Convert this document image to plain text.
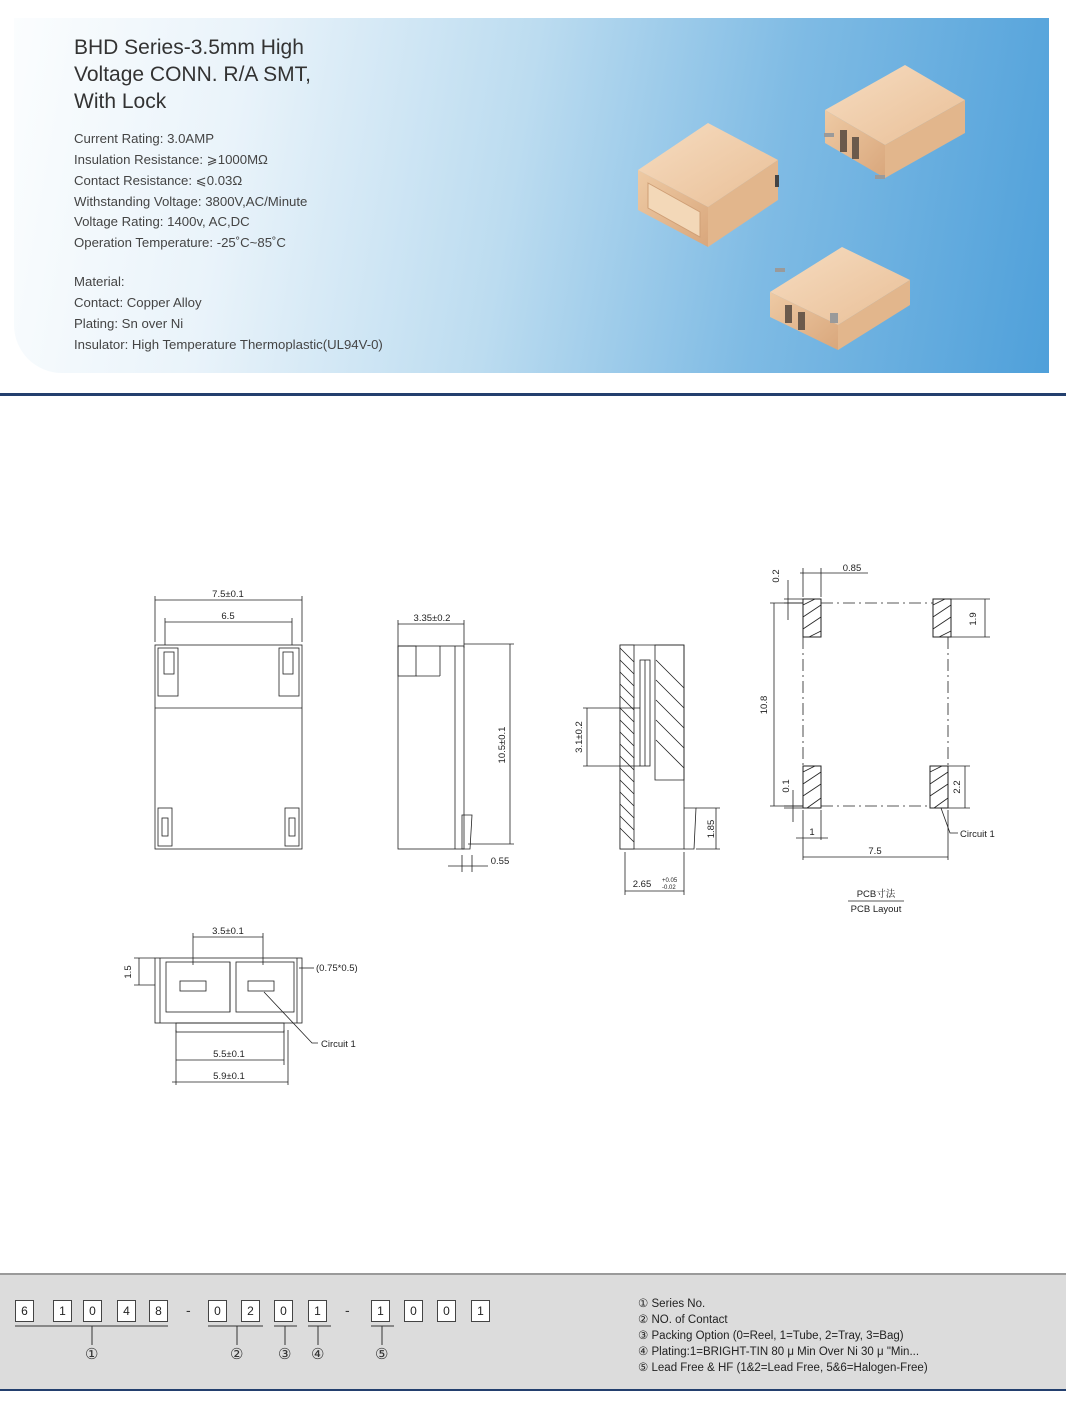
BHD Series-3.5mm High
Voltage CONN. R/A SMT,
With Lock
Current Rating: 3.0AMP
Insulation Resistance: ⩾1000MΩ
Contact Resistance: ⩽0.03Ω
Withstanding Voltage: 3800V,AC/Minute
Voltage Rating: 1400v, AC,DC
Operation Temperature: -25˚C~85˚C
Material:
Contact: Copper Alloy
Plating: Sn over Ni
Insulator: High Temperature Thermoplastic(UL94V-0)
7.5±0.1
6.5	3.35±0.2
10.5±0.1
0.55
3.1±0.2
1.85
2.65 +0.05
-0.02
0.85
0.2
1.9
10.8
0.1	2.2
1
7.5
Circuit 1
PCB寸法
PCB Layout
3.5±0.1
1.5	(0.75*0.5)
Circuit 1
5.5±0.1
5.9±0.1
6	1	0	4	8	-	0	2	0	1	-	1	0	0	1
①	② ③ ④	⑤
① Series No.
② NO. of Contact
③ Packing Option (0=Reel, 1=Tube, 2=Tray, 3=Bag)
④ Plating:1=BRIGHT-TIN 80 μ Min Over Ni 30 μ "Min...
⑤ Lead Free & HF (1&2=Lead Free, 5&6=Halogen-Free)
